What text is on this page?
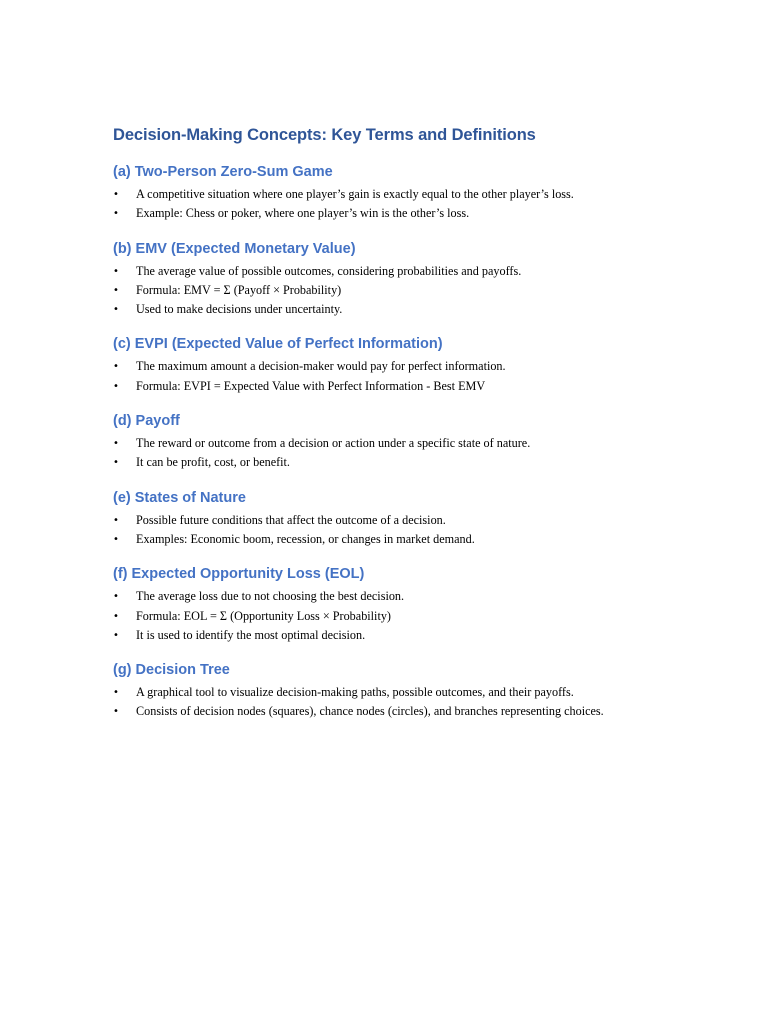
Decision-Making Concepts: Key Terms and Definitions
(a) Two-Person Zero-Sum Game
• A competitive situation where one player’s gain is exactly equal to the other player’s loss.
• Example: Chess or poker, where one player’s win is the other’s loss.
(b) EMV (Expected Monetary Value)
• The average value of possible outcomes, considering probabilities and payoffs.
• Formula: EMV = Σ (Payoff × Probability)
• Used to make decisions under uncertainty.
(c) EVPI (Expected Value of Perfect Information)
• The maximum amount a decision-maker would pay for perfect information.
• Formula: EVPI = Expected Value with Perfect Information - Best EMV
(d) Payoff
• The reward or outcome from a decision or action under a specific state of nature.
• It can be profit, cost, or benefit.
(e) States of Nature
• Possible future conditions that affect the outcome of a decision.
• Examples: Economic boom, recession, or changes in market demand.
(f) Expected Opportunity Loss (EOL)
• The average loss due to not choosing the best decision.
• Formula: EOL = Σ (Opportunity Loss × Probability)
• It is used to identify the most optimal decision.
(g) Decision Tree
• A graphical tool to visualize decision-making paths, possible outcomes, and their payoffs.
• Consists of decision nodes (squares), chance nodes (circles), and branches representing choices.
